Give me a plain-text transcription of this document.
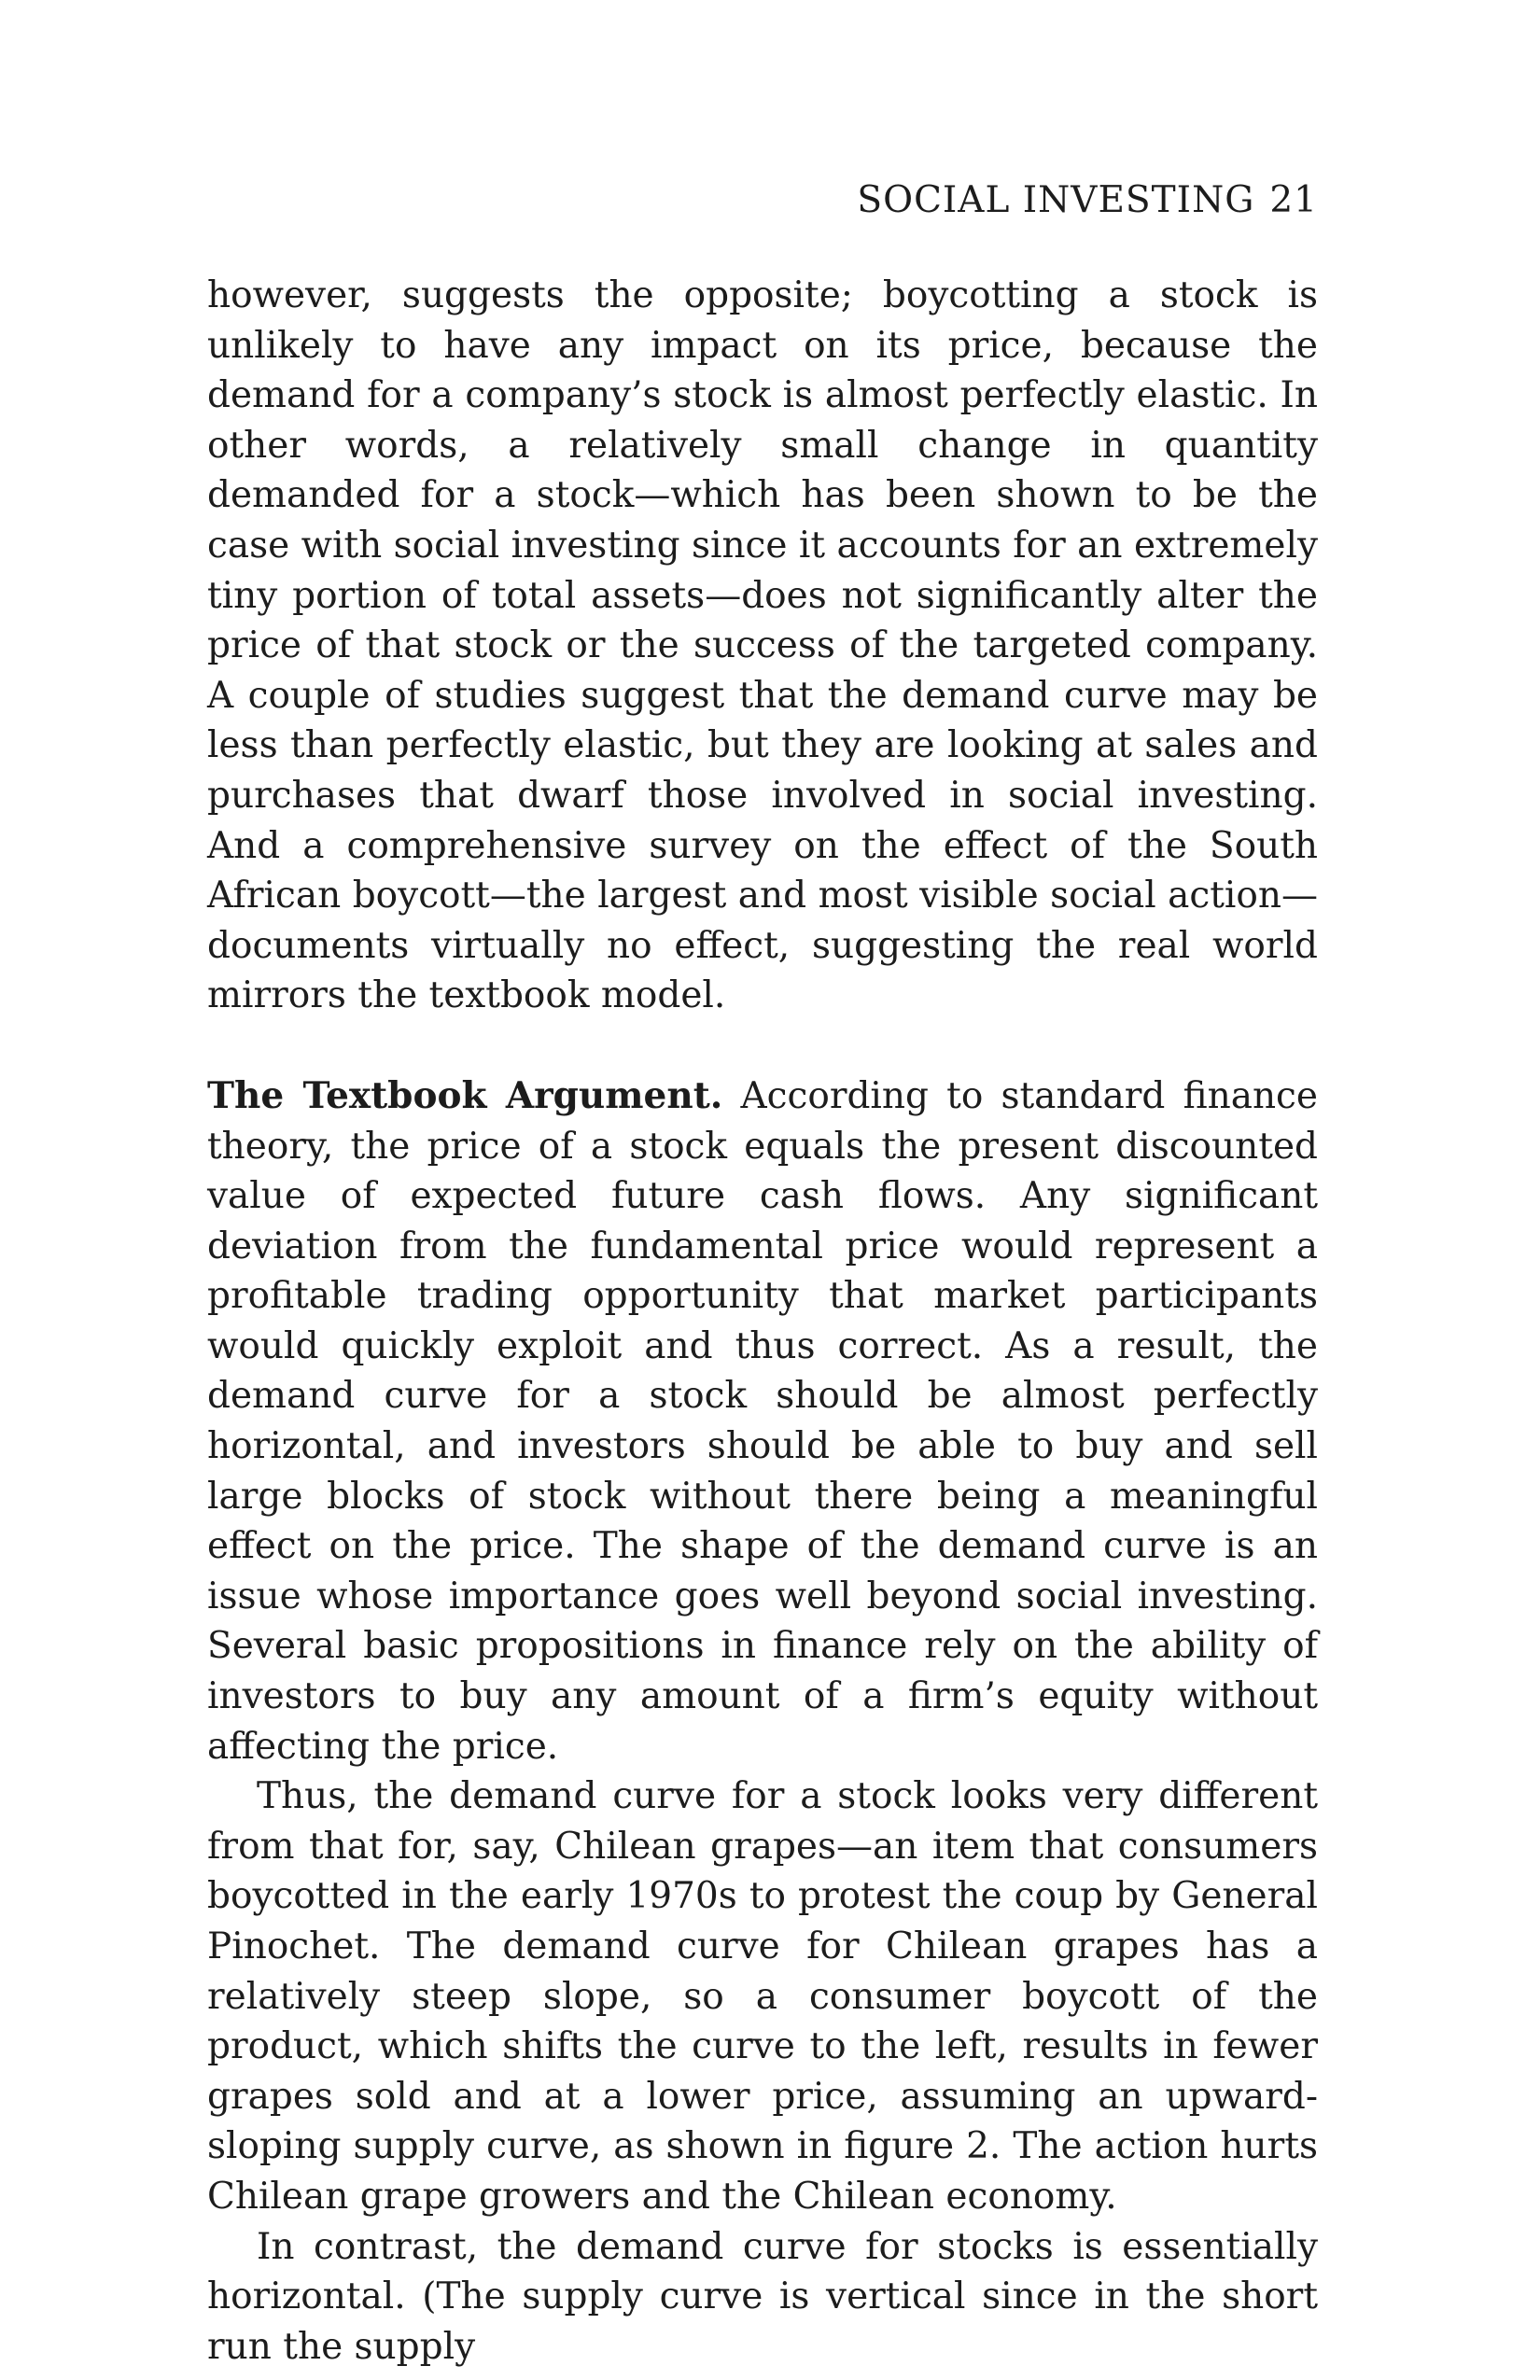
SOCIAL INVESTING 21

however, suggests the opposite; boycotting a stock is unlikely to have any impact on its price, because the demand for a company’s stock is almost perfectly elastic. In other words, a relatively small change in quantity demanded for a stock—which has been shown to be the case with social investing since it accounts for an extremely tiny portion of total assets—does not significantly alter the price of that stock or the success of the targeted company. A couple of studies suggest that the demand curve may be less than perfectly elastic, but they are looking at sales and purchases that dwarf those involved in social investing. And a comprehensive survey on the effect of the South African boycott—the largest and most visible social action—documents virtually no effect, suggesting the real world mirrors the textbook model.

The Textbook Argument. According to standard finance theory, the price of a stock equals the present discounted value of expected future cash flows. Any significant deviation from the fundamental price would represent a profitable trading opportunity that market participants would quickly exploit and thus correct. As a result, the demand curve for a stock should be almost perfectly horizontal, and investors should be able to buy and sell large blocks of stock without there being a meaningful effect on the price. The shape of the demand curve is an issue whose importance goes well beyond social investing. Several basic propositions in finance rely on the ability of investors to buy any amount of a firm’s equity without affecting the price.

Thus, the demand curve for a stock looks very different from that for, say, Chilean grapes—an item that consumers boycotted in the early 1970s to protest the coup by General Pinochet. The demand curve for Chilean grapes has a relatively steep slope, so a consumer boycott of the product, which shifts the curve to the left, results in fewer grapes sold and at a lower price, assuming an upward-sloping supply curve, as shown in figure 2. The action hurts Chilean grape growers and the Chilean economy.

In contrast, the demand curve for stocks is essentially horizontal. (The supply curve is vertical since in the short run the supply
